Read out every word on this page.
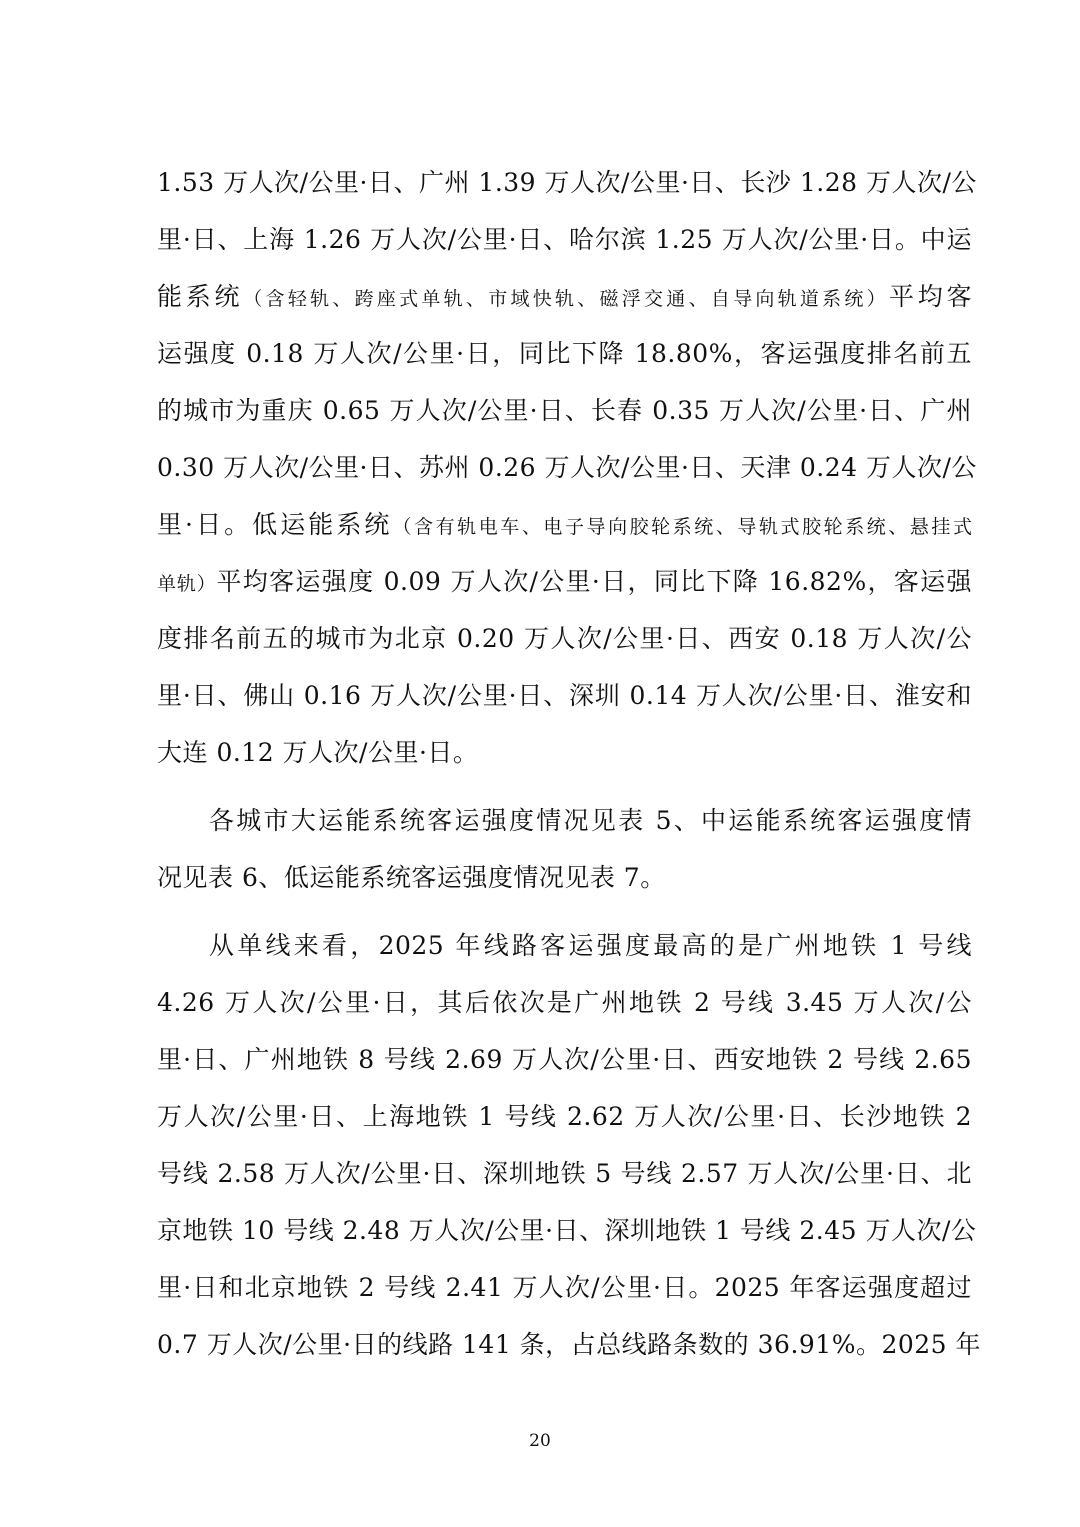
1.53 万人次/公里·日、广州 1.39 万人次/公里·日、长沙 1.28 万人次/公
里·日、上海 1.26 万人次/公里·日、哈尔滨 1.25 万人次/公里·日。中运
能系统（含轻轨、跨座式单轨、市域快轨、磁浮交通、自导向轨道系统）平均客
运强度 0.18 万人次/公里·日，同比下降 18.80%，客运强度排名前五
的城市为重庆 0.65 万人次/公里·日、长春 0.35 万人次/公里·日、广州
0.30 万人次/公里·日、苏州 0.26 万人次/公里·日、天津 0.24 万人次/公
里·日。低运能系统（含有轨电车、电子导向胶轮系统、导轨式胶轮系统、悬挂式
单轨）平均客运强度 0.09 万人次/公里·日，同比下降 16.82%，客运强
度排名前五的城市为北京 0.20 万人次/公里·日、西安 0.18 万人次/公
里·日、佛山 0.16 万人次/公里·日、深圳 0.14 万人次/公里·日、淮安和
大连 0.12 万人次/公里·日。
各城市大运能系统客运强度情况见表 5、中运能系统客运强度情
况见表 6、低运能系统客运强度情况见表 7。
从单线来看，2025 年线路客运强度最高的是广州地铁 1 号线
4.26 万人次/公里·日，其后依次是广州地铁 2 号线 3.45 万人次/公
里·日、广州地铁 8 号线 2.69 万人次/公里·日、西安地铁 2 号线 2.65
万人次/公里·日、上海地铁 1 号线 2.62 万人次/公里·日、长沙地铁 2
号线 2.58 万人次/公里·日、深圳地铁 5 号线 2.57 万人次/公里·日、北
京地铁 10 号线 2.48 万人次/公里·日、深圳地铁 1 号线 2.45 万人次/公
里·日和北京地铁 2 号线 2.41 万人次/公里·日。2025 年客运强度超过
0.7 万人次/公里·日的线路 141 条，占总线路条数的 36.91%。2025 年
20
